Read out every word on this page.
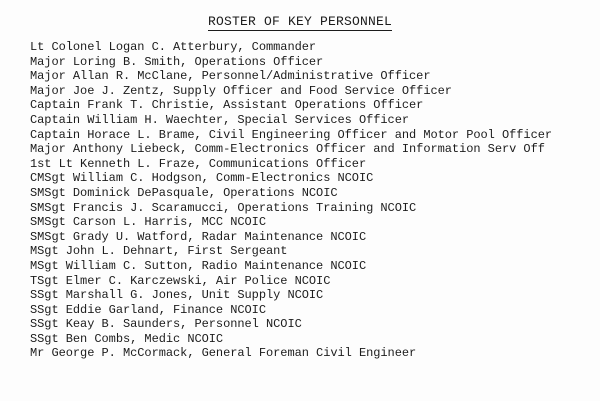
ROSTER OF KEY PERSONNEL
Lt Colonel Logan C. Atterbury, Commander
Major Loring B. Smith, Operations Officer
Major Allan R. McClane, Personnel/Administrative Officer
Major Joe J. Zentz, Supply Officer and Food Service Officer
Captain Frank T. Christie, Assistant Operations Officer
Captain William H. Waechter, Special Services Officer
Captain Horace L. Brame, Civil Engineering Officer and Motor Pool Officer
Major Anthony Liebeck, Comm-Electronics Officer and Information Serv Off
1st Lt Kenneth L. Fraze, Communications Officer
CMSgt William C. Hodgson, Comm-Electronics NCOIC
SMSgt Dominick DePasquale, Operations NCOIC
SMSgt Francis J. Scaramucci, Operations Training NCOIC
SMSgt Carson L. Harris, MCC NCOIC
SMSgt Grady U. Watford, Radar Maintenance NCOIC
MSgt John L. Dehnart, First Sergeant
MSgt William C. Sutton, Radio Maintenance NCOIC
TSgt Elmer C. Karczewski, Air Police NCOIC
SSgt Marshall G. Jones, Unit Supply NCOIC
SSgt Eddie Garland, Finance NCOIC
SSgt Keay B. Saunders, Personnel NCOIC
SSgt Ben Combs, Medic NCOIC
Mr George P. McCormack, General Foreman Civil Engineer
